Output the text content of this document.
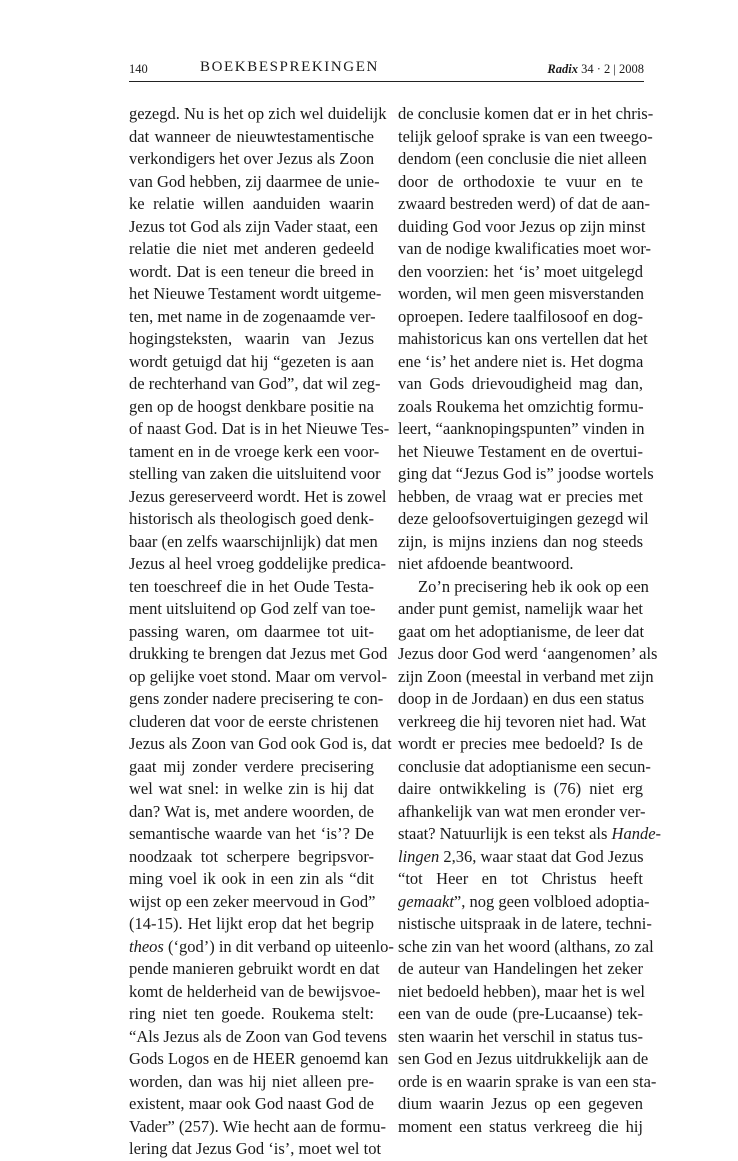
140	BOEKBESPREKINGEN	Radix 34 · 2 | 2008
gezegd. Nu is het op zich wel duidelijk
dat wanneer de nieuwtestamentische
verkondigers het over Jezus als Zoon
van God hebben, zij daarmee de unie-
ke relatie willen aanduiden waarin
Jezus tot God als zijn Vader staat, een
relatie die niet met anderen gedeeld
wordt. Dat is een teneur die breed in
het Nieuwe Testament wordt uitgeme-
ten, met name in de zogenaamde ver-
hogingsteksten, waarin van Jezus
wordt getuigd dat hij “gezeten is aan
de rechterhand van God”, dat wil zeg-
gen op de hoogst denkbare positie na
of naast God. Dat is in het Nieuwe Tes-
tament en in de vroege kerk een voor-
stelling van zaken die uitsluitend voor
Jezus gereserveerd wordt. Het is zowel
historisch als theologisch goed denk-
baar (en zelfs waarschijnlijk) dat men
Jezus al heel vroeg goddelijke predica-
ten toeschreef die in het Oude Testa-
ment uitsluitend op God zelf van toe-
passing waren, om daarmee tot uit-
drukking te brengen dat Jezus met God
op gelijke voet stond. Maar om vervol-
gens zonder nadere precisering te con-
cluderen dat voor de eerste christenen
Jezus als Zoon van God ook God is, dat
gaat mij zonder verdere precisering
wel wat snel: in welke zin is hij dat
dan? Wat is, met andere woorden, de
semantische waarde van het ‘is’? De
noodzaak tot scherpere begripsvor-
ming voel ik ook in een zin als “dit
wijst op een zeker meervoud in God”
(14-15). Het lijkt erop dat het begrip
theos (‘god’) in dit verband op uiteenlo-
pende manieren gebruikt wordt en dat
komt de helderheid van de bewijsvoe-
ring niet ten goede. Roukema stelt:
“Als Jezus als de Zoon van God tevens
Gods Logos en de HEER genoemd kan
worden, dan was hij niet alleen pre-
existent, maar ook God naast God de
Vader” (257). Wie hecht aan de formu-
lering dat Jezus God ‘is’, moet wel tot
de conclusie komen dat er in het chris-
telijk geloof sprake is van een tweego-
dendom (een conclusie die niet alleen
door de orthodoxie te vuur en te
zwaard bestreden werd) of dat de aan-
duiding God voor Jezus op zijn minst
van de nodige kwalificaties moet wor-
den voorzien: het ‘is’ moet uitgelegd
worden, wil men geen misverstanden
oproepen. Iedere taalfilosoof en dog-
mahistoricus kan ons vertellen dat het
ene ‘is’ het andere niet is. Het dogma
van Gods drievoudigheid mag dan,
zoals Roukema het omzichtig formu-
leert, “aanknopingspunten” vinden in
het Nieuwe Testament en de overtui-
ging dat “Jezus God is” joodse wortels
hebben, de vraag wat er precies met
deze geloofsovertuigingen gezegd wil
zijn, is mijns inziens dan nog steeds
niet afdoende beantwoord.
Zo’n precisering heb ik ook op een
ander punt gemist, namelijk waar het
gaat om het adoptianisme, de leer dat
Jezus door God werd ‘aangenomen’ als
zijn Zoon (meestal in verband met zijn
doop in de Jordaan) en dus een status
verkreeg die hij tevoren niet had. Wat
wordt er precies mee bedoeld? Is de
conclusie dat adoptianisme een secun-
daire ontwikkeling is (76) niet erg
afhankelijk van wat men eronder ver-
staat? Natuurlijk is een tekst als Hande-
lingen 2,36, waar staat dat God Jezus
“tot Heer en tot Christus heeft
gemaakt”, nog geen volbloed adoptia-
nistische uitspraak in de latere, techni-
sche zin van het woord (althans, zo zal
de auteur van Handelingen het zeker
niet bedoeld hebben), maar het is wel
een van de oude (pre-Lucaanse) tek-
sten waarin het verschil in status tus-
sen God en Jezus uitdrukkelijk aan de
orde is en waarin sprake is van een sta-
dium waarin Jezus op een gegeven
moment een status verkreeg die hij
